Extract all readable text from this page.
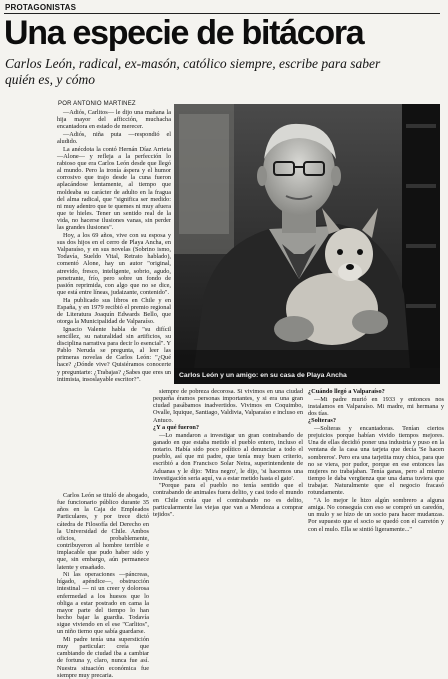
PROTAGONISTAS
Una especie de bitácora
Carlos León, radical, ex-masón, católico siempre, escribe para saber quién es, y cómo
POR ANTONIO MARTINEZ

—Adiós, Carlitos— le dijo una mañana la hija mayor del afficción, muchacha encantadora en estado de merecer.

—Adiós, niña puta —respondió el aludido.

La anécdota la contó Hernán Díaz Arrieta —Alone— y refleja a la perfección lo rabioso que era Carlos León desde que llegó al mundo. Pero la ironía áspera y el humor corrosivo que trajo desde la cuna fueron aplacándose lentamente, al tiempo que moldeaba su carácter de adulto en la fragua del alma radical, que "significa ser medido: ni muy adentro que te quemes ni muy afuera que te hieles. Tener un sentido real de la vida, no hacerse ilusiones vanas, sin perder las grandes ilusiones".

Hoy, a los 69 años, vive con su esposa y sus dos hijos en el cerro de Playa Ancha, en Valparaíso, y en sus novelas (Sobrino ismo, Todavía, Sueldo Vital, Retrato hablado), comentó Alone, hay un autor "original, atrevido, fresco, inteligente, sobrio, agudo, penetrante, frío, pero sobre un fondo de pasión reprimida, con algo que no se dice, que está entre líneas, judaizante, contenido".

Ha publicado sus libros en Chile y en España, y en 1979 recibió el premio regional de Literatura Joaquín Edwards Bello, que otorga la Municipalidad de Valparaíso.

Ignacio Valente habla de "su difícil sencillez, su naturalidad sin artificios, su disciplina narrativa para decir lo esencial". Y Pablo Neruda se pregunta, al leer las primeras novelas de Carlos León: "¿Qué hace? ¿Dónde vive? Quisiéramos conocerte y preguntarte: ¿Trabajas? ¿Sabes que eres un intimista, insoslayable escritor?".

Carlos León y un amigo: en su casa de Playa Ancha

Carlos León se tituló de abogado, fue funcionario público durante 35 años en la Caja de Empleados Particulares, y por trece dictó cátedra de Filosofía del Derecho en la Universidad de Chile. Ambos oficios, probablemente, contribuyeron al hombre terrible e implacable que pudo haber sido y que, sin embargo, aún permanece latente y ensañado.

Ni las operaciones —páncreas, hígado, apéndice—, obstrucción intestinal — ni un creer y dolorosa enfermedad a los huesos que lo obliga a estar postrado en cama la mayor parte del tiempo lo han hecho bajar la guardia. Todavía sigue viviendo en el ese "Carlitos", un niño tierno que sabía guardarse.

Mi padre tenía una superstición muy particular: creía que cambiando de ciudad iba a cambiar de fortuna y, claro, nunca fue así. Nuestra situación económica fue siempre muy precaria.

siempre de pobreza decorosa. Si vivimos en una ciudad pequeña éramos personas importantes, y si era una gran ciudad pasábamos inadvertidos. Vivimos en Coquimbo, Ovalle, Iquique, Santiago, Valdivia, Valparaíso e incluso en Antuco.

¿Y a qué fueron?

—Lo mandaron a investigar un gran contrabando de ganado en que estaba metido el pueblo entero, incluso el notario. Había sido poco político al denunciar a todo el pueblo, así que mi padre, que tenía muy buen criterio, escribió a don Francisco Solar Neira, superintendente de Aduanas y le dijo: 'Mira negro', le dijo, 'si hacemos una investigación seria aquí, va a estar metido hasta el gato'.

"Porque para el pueblo no tenía sentido que el contrabando de animales fuera delito, y casi todo el mundo en Chile creía que el contrabando no es delito, particularmente las viejas que van a Mendoza a comprar tejidos".

¿Cuándo llegó a Valparaíso?

—Mi padre murió en 1933 y entonces nos instalamos en Valparaíso. Mi madre, mi hermana y dos tías.

¿Solteras?

—Solteras y encantadoras. Tenían ciertos prejuicios porque habían vivido tiempos mejores. Una de ellas decidió poner una industria y puso en la ventana de la casa una tarjeta que decía 'Se hacen sombreros'. Pero era una tarjetita muy chica, para que no se viera, por pudor, porque en ese entonces las mujeres no trabajaban. Tenía ganas, pero al mismo tiempo le daba vergüenza que una dama tuviera que trabajar. Naturalmente que el negocio fracasó rotundamente.

"A lo mejor le hizo algún sombrero a alguna amiga. No conseguía con eso se compró un caredón, un mulo y se hizo de un socio para hacer mudanzas. Por supuesto que el socio se quedó con el carretón y con el mulo. Ella se sintió ligeramente..."
